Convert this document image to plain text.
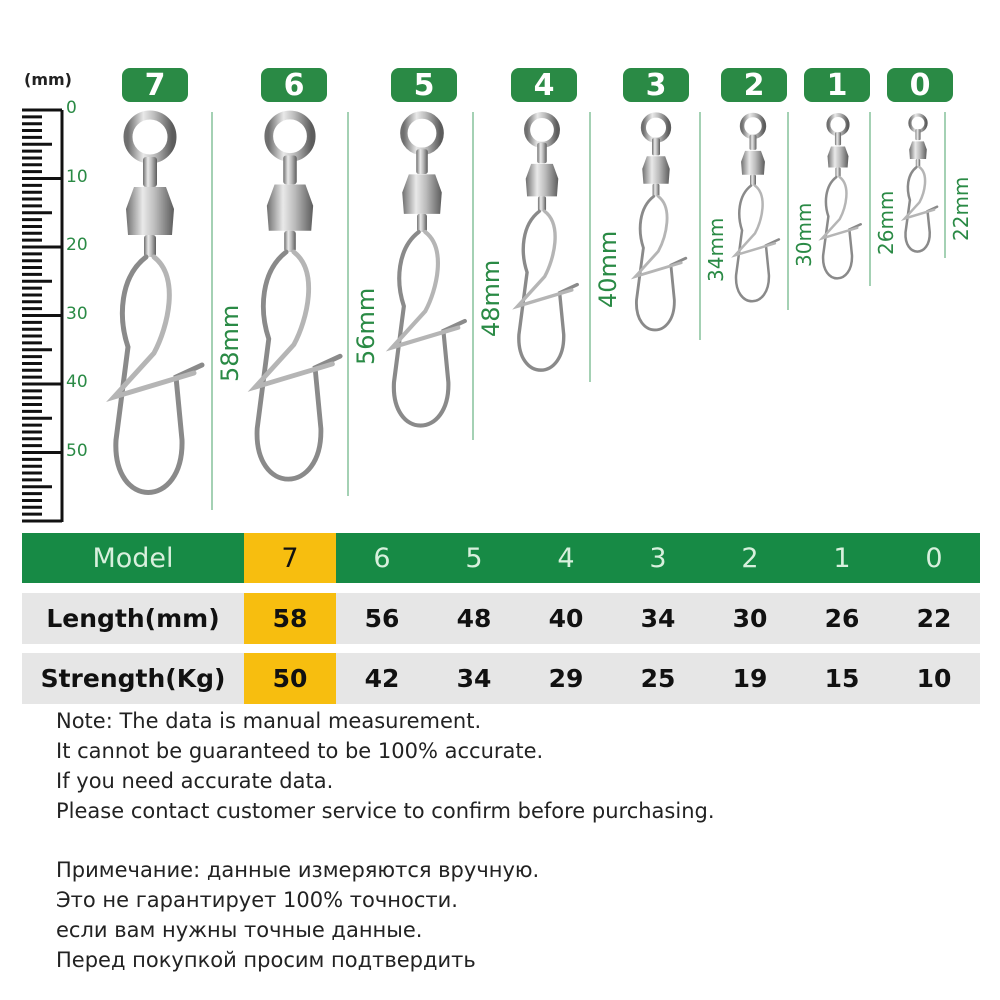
(mm)
0
10
20
30
40
50
7	6	5	4	3	2	1	0
58mm	56mm	48mm	40mm	34mm	30mm	26mm	22mm
Model	7	6	5	4	3	2	1	0
Length(mm)	58	56	48	40	34	30	26	22
Strength(Kg)	50	42	34	29	25	19	15	10
Note: The data is manual measurement.
It cannot be guaranteed to be 100% accurate.
If you need accurate data.
Please contact customer service to confirm before purchasing.
Примечание: данные измеряются вручную.
Это не гарантирует 100% точности.
если вам нужны точные данные.
Перед покупкой просим подтвердить
